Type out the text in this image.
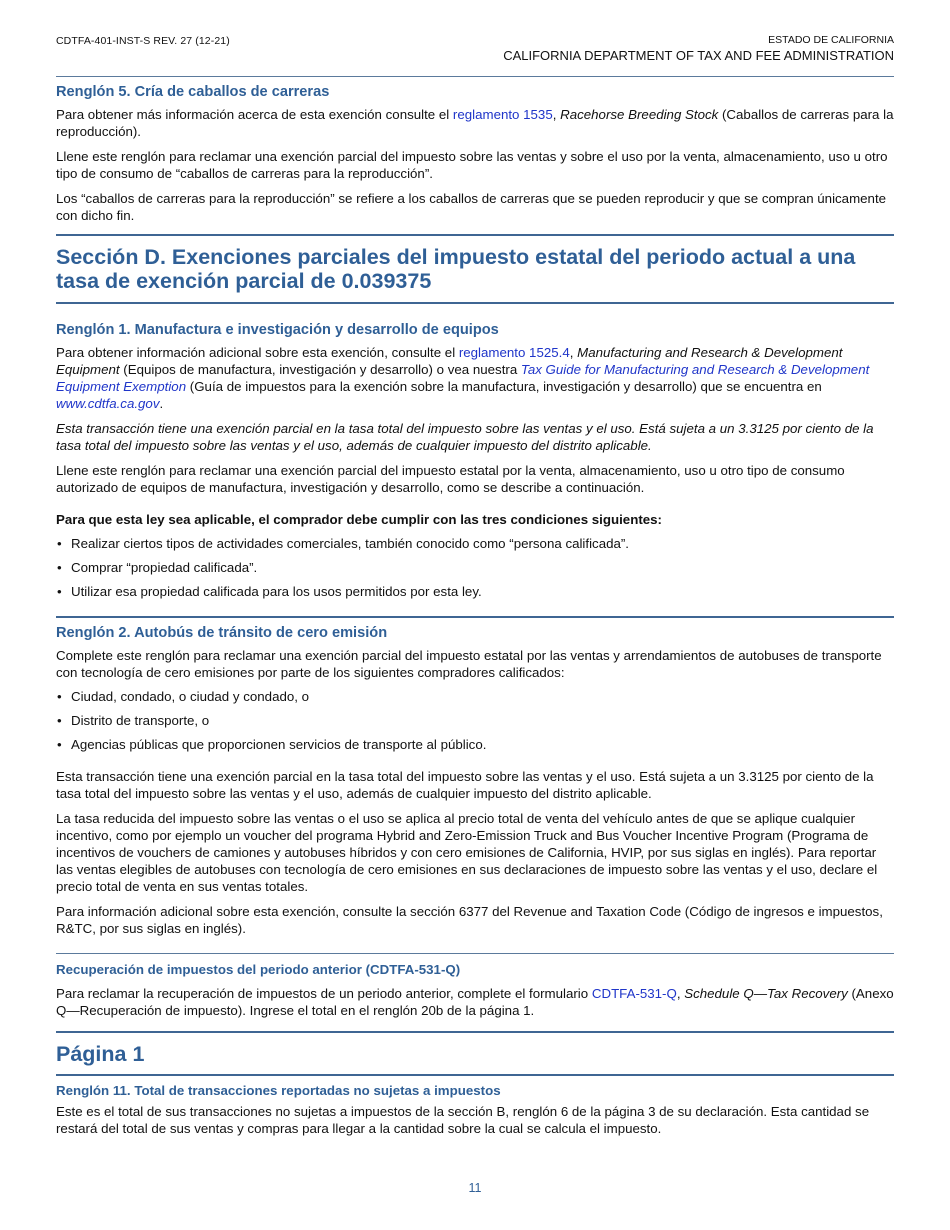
CDTFA-401-INST-S REV. 27 (12-21)	ESTADO DE CALIFORNIA
CALIFORNIA DEPARTMENT OF TAX AND FEE ADMINISTRATION
Renglón 5. Cría de caballos de carreras

Para obtener más información acerca de esta exención consulte el reglamento 1535, Racehorse Breeding Stock (Caballos de carreras para la reproducción).

Llene este renglón para reclamar una exención parcial del impuesto sobre las ventas y sobre el uso por la venta, almacenamiento, uso u otro tipo de consumo de “caballos de carreras para la reproducción”.

Los “caballos de carreras para la reproducción” se refiere a los caballos de carreras que se pueden reproducir y que se compran únicamente con dicho fin.

Sección D. Exenciones parciales del impuesto estatal del periodo actual a una tasa de exención parcial de 0.039375
Renglón 1. Manufactura e investigación y desarrollo de equipos

Para obtener información adicional sobre esta exención, consulte el reglamento 1525.4, Manufacturing and Research & Development Equipment (Equipos de manufactura, investigación y desarrollo) o vea nuestra Tax Guide for Manufacturing and Research & Development Equipment Exemption (Guía de impuestos para la exención sobre la manufactura, investigación y desarrollo) que se encuentra en www.cdtfa.ca.gov.

Esta transacción tiene una exención parcial en la tasa total del impuesto sobre las ventas y el uso. Está sujeta a un 3.3125 por ciento de la tasa total del impuesto sobre las ventas y el uso, además de cualquier impuesto del distrito aplicable.

Llene este renglón para reclamar una exención parcial del impuesto estatal por la venta, almacenamiento, uso u otro tipo de consumo autorizado de equipos de manufactura, investigación y desarrollo, como se describe a continuación.

Para que esta ley sea aplicable, el comprador debe cumplir con las tres condiciones siguientes:

• Realizar ciertos tipos de actividades comerciales, también conocido como “persona calificada”.
• Comprar “propiedad calificada”.
• Utilizar esa propiedad calificada para los usos permitidos por esta ley.
Renglón 2. Autobús de tránsito de cero emisión

Complete este renglón para reclamar una exención parcial del impuesto estatal por las ventas y arrendamientos de autobuses de transporte con tecnología de cero emisiones por parte de los siguientes compradores calificados:

• Ciudad, condado, o ciudad y condado, o
• Distrito de transporte, o
• Agencias públicas que proporcionen servicios de transporte al público.

Esta transacción tiene una exención parcial en la tasa total del impuesto sobre las ventas y el uso. Está sujeta a un 3.3125 por ciento de la tasa total del impuesto sobre las ventas y el uso, además de cualquier impuesto del distrito aplicable.

La tasa reducida del impuesto sobre las ventas o el uso se aplica al precio total de venta del vehículo antes de que se aplique cualquier incentivo, como por ejemplo un voucher del programa Hybrid and Zero-Emission Truck and Bus Voucher Incentive Program (Programa de incentivos de vouchers de camiones y autobuses híbridos y con cero emisiones de California, HVIP, por sus siglas en inglés). Para reportar las ventas elegibles de autobuses con tecnología de cero emisiones en sus declaraciones de impuesto sobre las ventas y el uso, declare el precio total de venta en sus ventas totales.

Para información adicional sobre esta exención, consulte la sección 6377 del Revenue and Taxation Code (Código de ingresos e impuestos, R&TC, por sus siglas en inglés).

Recuperación de impuestos del periodo anterior (CDTFA-531-Q)

Para reclamar la recuperación de impuestos de un periodo anterior, complete el formulario CDTFA-531-Q, Schedule Q—Tax Recovery (Anexo Q—Recuperación de impuesto). Ingrese el total en el renglón 20b de la página 1.

Página 1
Renglón 11. Total de transacciones reportadas no sujetas a impuestos

Este es el total de sus transacciones no sujetas a impuestos de la sección B, renglón 6 de la página 3 de su declaración. Esta cantidad se restará del total de sus ventas y compras para llegar a la cantidad sobre la cual se calcula el impuesto.

11
